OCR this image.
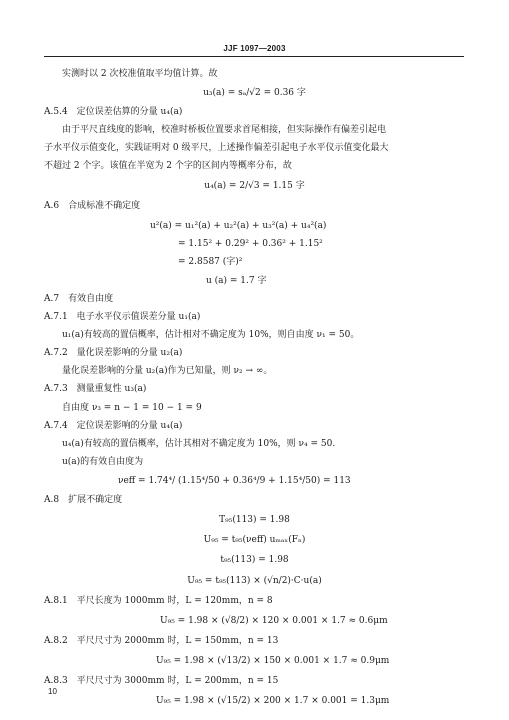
JJF 1097—2003
实测时以 2 次校准值取平均值计算。故
u₃(a) = sₐ/√2 = 0.36 字
A.5.4　定位误差估算的分量 u₄(a)
由于平尺直线度的影响，校准时桥板位置要求首尾相接，但实际操作有偏差引起电
子水平仪示值变化，实践证明对 0 级平尺，上述操作偏差引起电子水平仪示值变化最大
不超过 2 个字。该值在半宽为 2 个字的区间内等概率分布，故
u₄(a) = 2/√3 = 1.15 字
A.6　合成标准不确定度
u²(a) = u₁²(a) + u₂²(a) + u₃²(a) + u₄²(a)
= 1.15² + 0.29² + 0.36² + 1.15²
= 2.8587 (字)²
u (a) = 1.7 字
A.7　有效自由度
A.7.1　电子水平仪示值误差分量 u₁(a)
u₁(a)有较高的置信概率，估计相对不确定度为 10%，则自由度 ν₁ = 50。
A.7.2　量化误差影响的分量 u₂(a)
量化误差影响的分量 u₂(a)作为已知量，则 ν₂ → ∞。
A.7.3　测量重复性 u₃(a)
自由度 ν₃ = n − 1 = 10 − 1 = 9
A.7.4　定位误差影响的分量 u₄(a)
u₄(a)有较高的置信概率，估计其相对不确定度为 10%，则 ν₄ = 50.
u(a)的有效自由度为
νeff = 1.74⁴/ (1.15⁴/50 + 0.36⁴/9 + 1.15⁴/50) = 113
A.8　扩展不确定度
T₉₅(113) = 1.98
U₉₅ = t₉₅(νeff) uₘₐₓ(Fₙ)
t₉₅(113) = 1.98
U₉₅ = t₉₅(113) × (√n/2)·C·u(a)
A.8.1　平尺长度为 1000mm 时，L = 120mm，n = 8
U₉₅ = 1.98 × (√8/2) × 120 × 0.001 × 1.7 ≈ 0.6μm
A.8.2　平尺尺寸为 2000mm 时，L = 150mm，n = 13
U₉₅ = 1.98 × (√13/2) × 150 × 0.001 × 1.7 ≈ 0.9μm
A.8.3　平尺尺寸为 3000mm 时，L = 200mm，n = 15
U₉₅ = 1.98 × (√15/2) × 200 × 1.7 × 0.001 = 1.3μm
10
